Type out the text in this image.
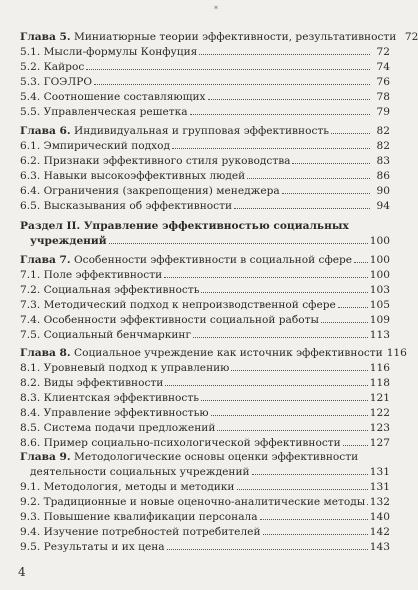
*
Глава 5. Миниатюрные теории эффективности, результативности 72
5.1. Мысли-формулы Конфуция	72
5.2. Кайрос	74
5.3. ГОЭЛРО	76
5.4. Соотношение составляющих	78
5.5. Управленческая решетка	79
Глава 6. Индивидуальная и групповая эффективность	82
6.1. Эмпирический подход	82
6.2. Признаки эффективного стиля руководства	83
6.3. Навыки высокоэффективных людей	86
6.4. Ограничения (закрепощения) менеджера	90
6.5. Высказывания об эффективности	94
Раздел II. Управление эффективностью социальных
учреждений	100
Глава 7. Особенности эффективности в социальной сфере 100
7.1. Поле эффективности	100
7.2. Социальная эффективность	103
7.3. Методический подход к непроизводственной сфере	105
7.4. Особенности эффективности социальной работы	109
7.5. Социальный бенчмаркинг	113
Глава 8. Социальное учреждение как источник эффективности 116
8.1. Уровневый подход к управлению	116
8.2. Виды эффективности	118
8.3. Клиентская эффективность	121
8.4. Управление эффективностью	122
8.5. Система подачи предложений	123
8.6. Пример социально-психологической эффективности	127
Глава 9. Методологические основы оценки эффективности
деятельности социальных учреждений	131
9.1. Методология, методы и методики	131
9.2. Традиционные и новые оценочно-аналитические методы 132
9.3. Повышение квалификации персонала	140
9.4. Изучение потребностей потребителей	142
9.5. Результаты и их цена	143
4
